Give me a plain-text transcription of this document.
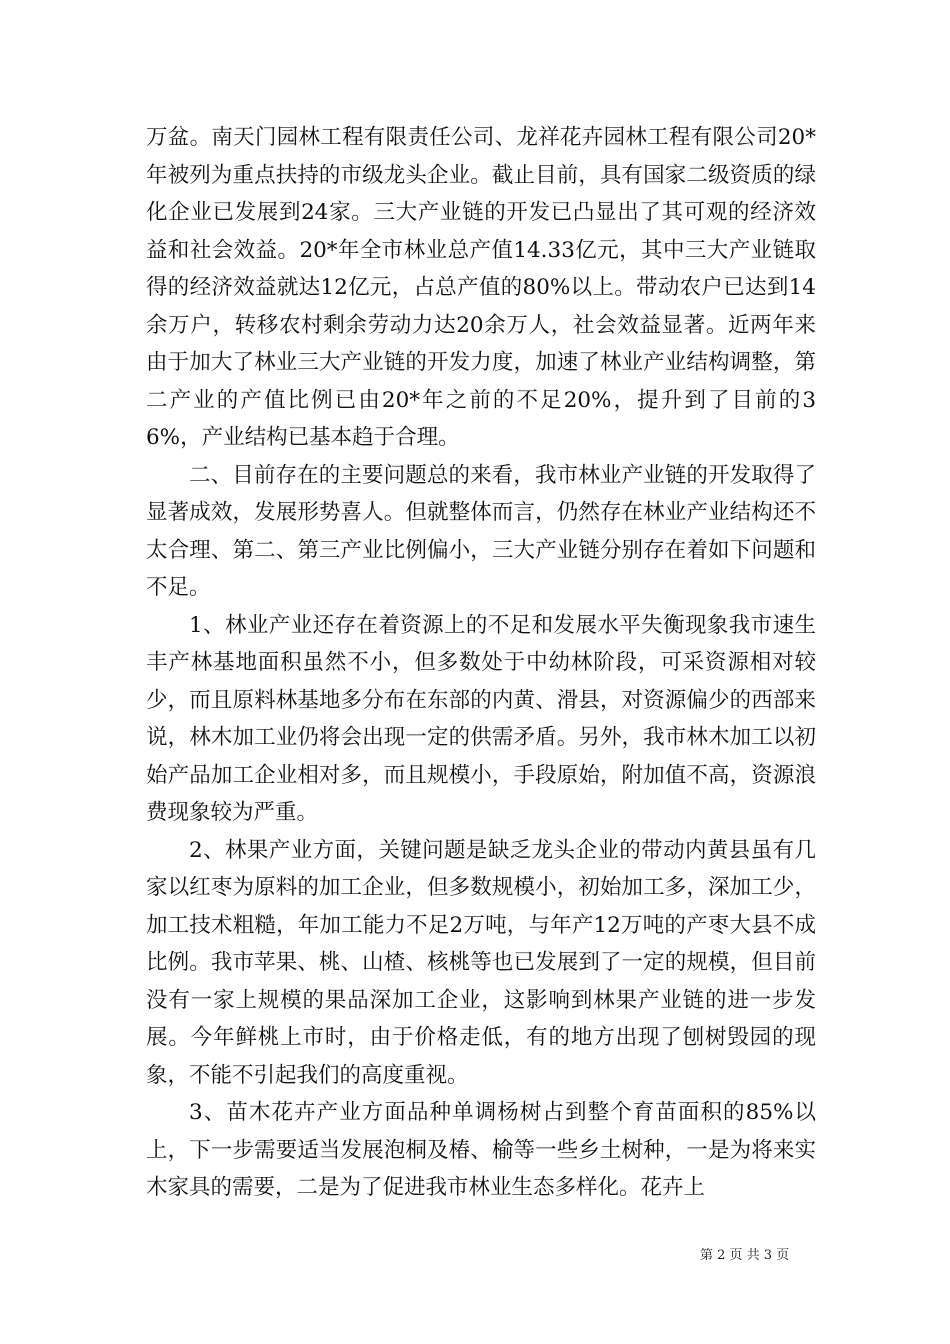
万盆。南天门园林工程有限责任公司、龙祥花卉园林工程有限公司20*年被列为重点扶持的市级龙头企业。截止目前，具有国家二级资质的绿化企业已发展到24家。三大产业链的开发已凸显出了其可观的经济效益和社会效益。20*年全市林业总产值14.33亿元，其中三大产业链取得的经济效益就达12亿元，占总产值的80%以上。带动农户已达到14余万户，转移农村剩余劳动力达20余万人，社会效益显著。近两年来由于加大了林业三大产业链的开发力度，加速了林业产业结构调整，第二产业的产值比例已由20*年之前的不足20%，提升到了目前的36%，产业结构已基本趋于合理。

二、目前存在的主要问题总的来看，我市林业产业链的开发取得了显著成效，发展形势喜人。但就整体而言，仍然存在林业产业结构还不太合理、第二、第三产业比例偏小，三大产业链分别存在着如下问题和不足。

1、林业产业还存在着资源上的不足和发展水平失衡现象我市速生丰产林基地面积虽然不小，但多数处于中幼林阶段，可采资源相对较少，而且原料林基地多分布在东部的内黄、滑县，对资源偏少的西部来说，林木加工业仍将会出现一定的供需矛盾。另外，我市林木加工以初始产品加工企业相对多，而且规模小，手段原始，附加值不高，资源浪费现象较为严重。

2、林果产业方面，关键问题是缺乏龙头企业的带动内黄县虽有几家以红枣为原料的加工企业，但多数规模小，初始加工多，深加工少，加工技术粗糙，年加工能力不足2万吨，与年产12万吨的产枣大县不成比例。我市苹果、桃、山楂、核桃等也已发展到了一定的规模，但目前没有一家上规模的果品深加工企业，这影响到林果产业链的进一步发展。今年鲜桃上市时，由于价格走低，有的地方出现了刨树毁园的现象，不能不引起我们的高度重视。

3、苗木花卉产业方面品种单调杨树占到整个育苗面积的85%以上，下一步需要适当发展泡桐及椿、榆等一些乡土树种，一是为将来实木家具的需要，二是为了促进我市林业生态多样化。花卉上

第 2 页 共 3 页
